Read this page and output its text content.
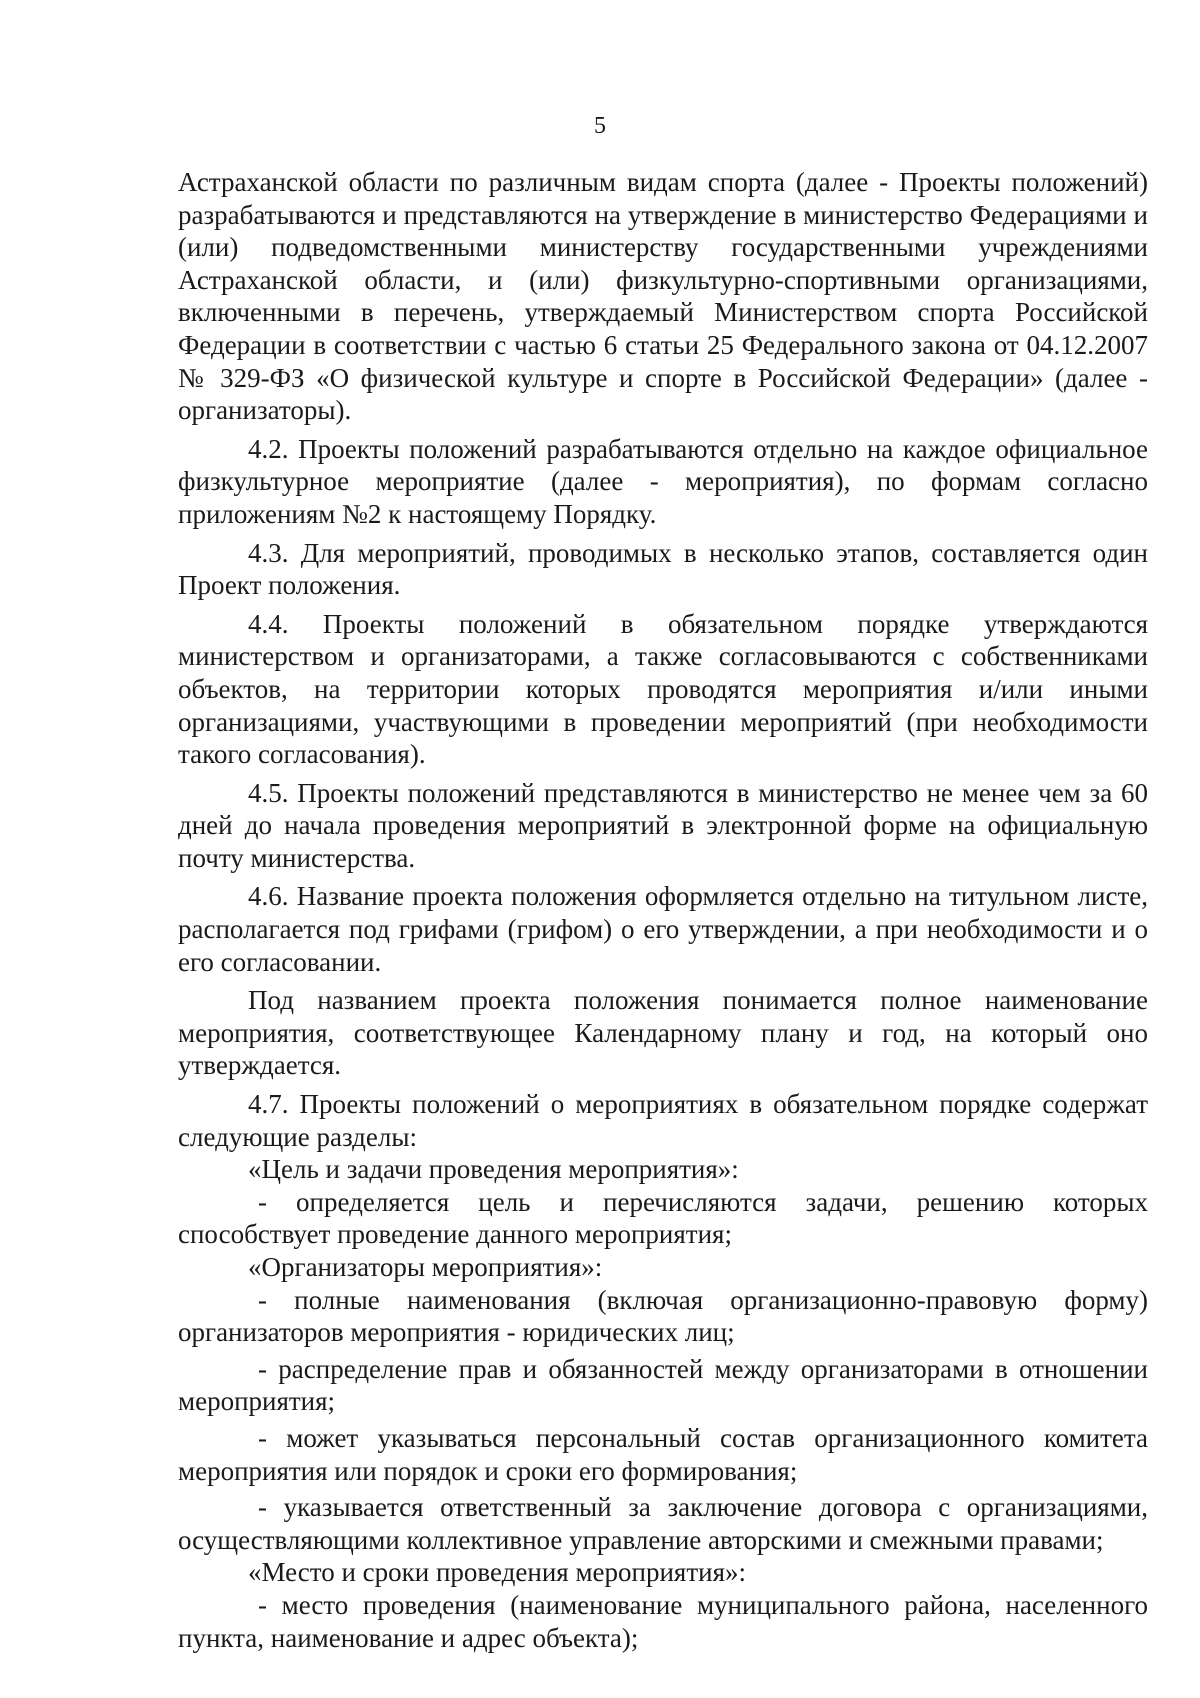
5

Астраханской области по различным видам спорта (далее - Проекты положений) разрабатываются и представляются на утверждение в министерство Федерациями и (или) подведомственными министерству государственными учреждениями Астраханской области, и (или) физкультурно-спортивными организациями, включенными в перечень, утверждаемый Министерством спорта Российской Федерации в соответствии с частью 6 статьи 25 Федерального закона от 04.12.2007 № 329-ФЗ «О физической культуре и спорте в Российской Федерации» (далее - организаторы).

4.2. Проекты положений разрабатываются отдельно на каждое официальное физкультурное мероприятие (далее - мероприятия), по формам согласно приложениям №2 к настоящему Порядку.

4.3. Для мероприятий, проводимых в несколько этапов, составляется один Проект положения.

4.4. Проекты положений в обязательном порядке утверждаются министерством и организаторами, а также согласовываются с собственниками объектов, на территории которых проводятся мероприятия и/или иными организациями, участвующими в проведении мероприятий (при необходимости такого согласования).

4.5. Проекты положений представляются в министерство не менее чем за 60 дней до начала проведения мероприятий в электронной форме на официальную почту министерства.

4.6. Название проекта положения оформляется отдельно на титульном листе, располагается под грифами (грифом) о его утверждении, а при необходимости и о его согласовании.

Под названием проекта положения понимается полное наименование мероприятия, соответствующее Календарному плану и год, на который оно утверждается.

4.7. Проекты положений о мероприятиях в обязательном порядке содержат следующие разделы:

«Цель и задачи проведения мероприятия»:

- определяется цель и перечисляются задачи, решению которых способствует проведение данного мероприятия;

«Организаторы мероприятия»:

- полные наименования (включая организационно-правовую форму) организаторов мероприятия - юридических лиц;

- распределение прав и обязанностей между организаторами в отношении мероприятия;

- может указываться персональный состав организационного комитета мероприятия или порядок и сроки его формирования;

- указывается ответственный за заключение договора с организациями, осуществляющими коллективное управление авторскими и смежными правами;

«Место и сроки проведения мероприятия»:

- место проведения (наименование муниципального района, населенного пункта, наименование и адрес объекта);
